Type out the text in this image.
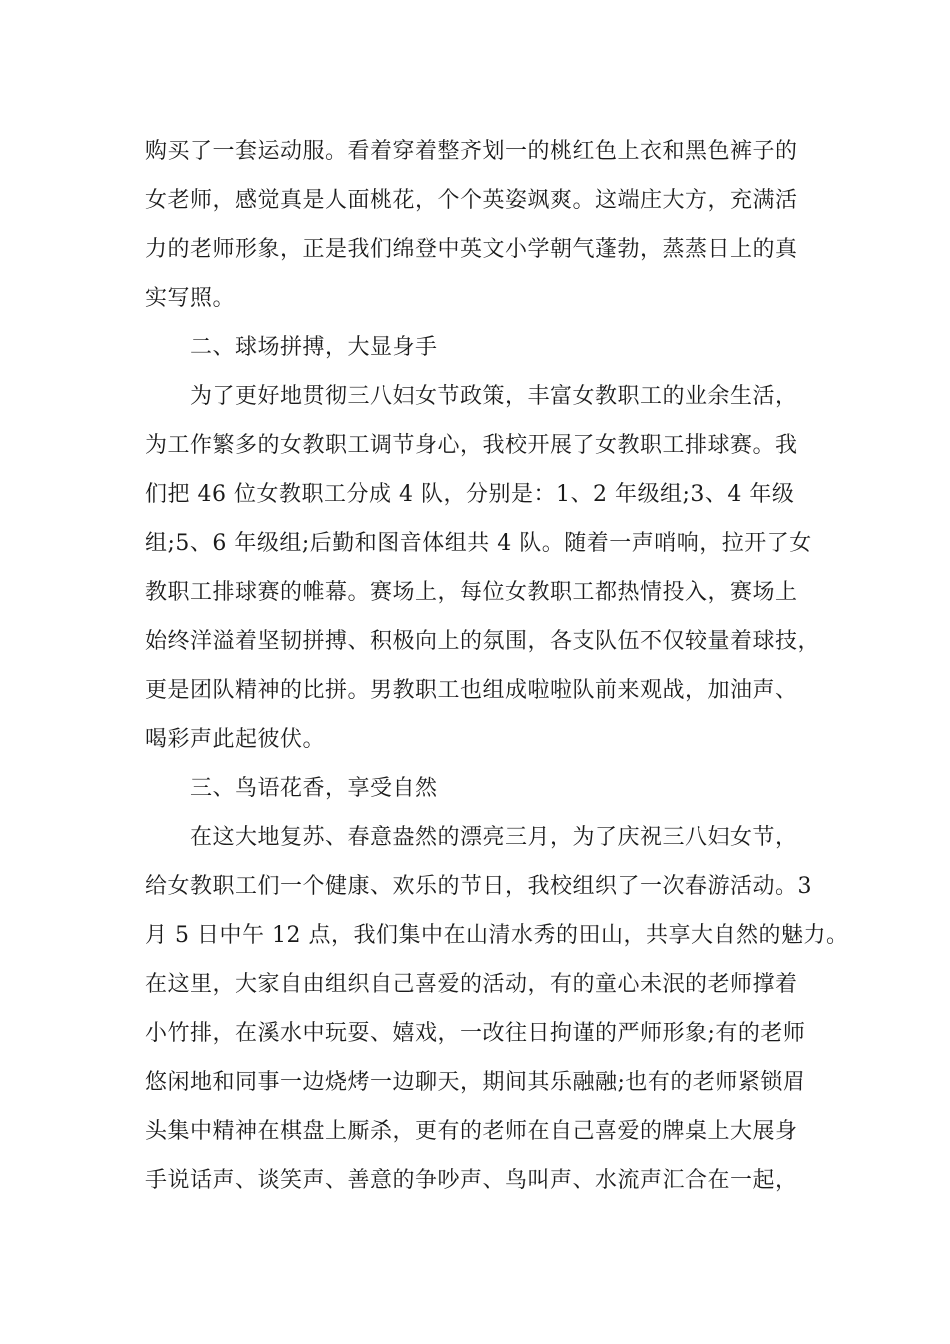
购买了一套运动服。看着穿着整齐划一的桃红色上衣和黑色裤子的
女老师，感觉真是人面桃花，个个英姿飒爽。这端庄大方，充满活
力的老师形象，正是我们绵登中英文小学朝气蓬勃，蒸蒸日上的真
实写照。
二、球场拼搏，大显身手
为了更好地贯彻三八妇女节政策，丰富女教职工的业余生活，
为工作繁多的女教职工调节身心，我校开展了女教职工排球赛。我
们把 46 位女教职工分成 4 队，分别是：1、2 年级组;3、4 年级
组;5、6 年级组;后勤和图音体组共 4 队。随着一声哨响，拉开了女
教职工排球赛的帷幕。赛场上，每位女教职工都热情投入，赛场上
始终洋溢着坚韧拼搏、积极向上的氛围，各支队伍不仅较量着球技，
更是团队精神的比拼。男教职工也组成啦啦队前来观战，加油声、
喝彩声此起彼伏。
三、鸟语花香，享受自然
在这大地复苏、春意盎然的漂亮三月，为了庆祝三八妇女节，
给女教职工们一个健康、欢乐的节日，我校组织了一次春游活动。3
月 5 日中午 12 点，我们集中在山清水秀的田山，共享大自然的魅力。
在这里，大家自由组织自己喜爱的活动，有的童心未泯的老师撑着
小竹排，在溪水中玩耍、嬉戏，一改往日拘谨的严师形象;有的老师
悠闲地和同事一边烧烤一边聊天，期间其乐融融;也有的老师紧锁眉
头集中精神在棋盘上厮杀，更有的老师在自己喜爱的牌桌上大展身
手说话声、谈笑声、善意的争吵声、鸟叫声、水流声汇合在一起，
